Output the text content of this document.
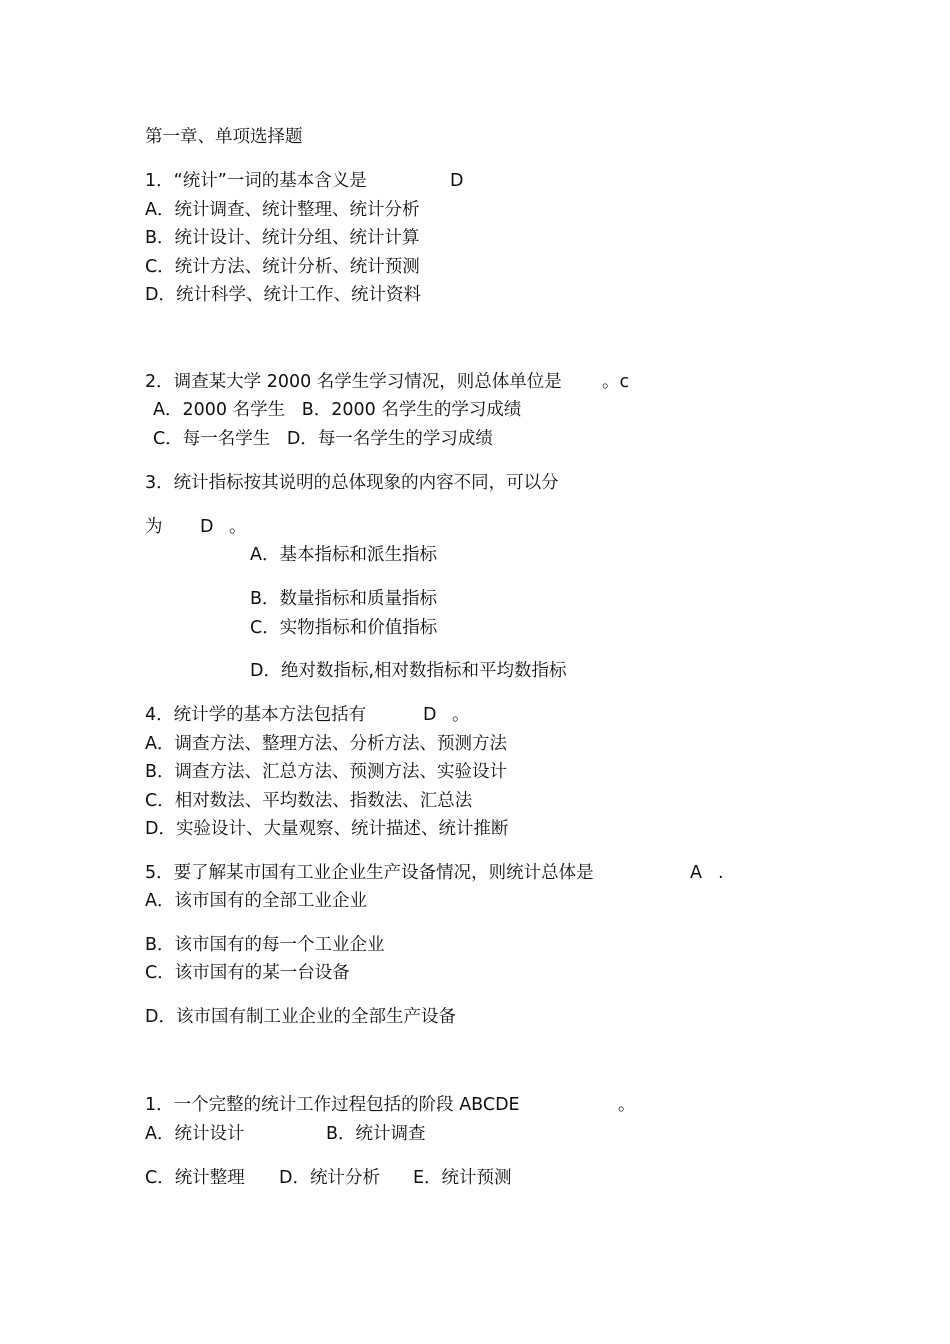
第一章、单项选择题
1．“统计”一词的基本含义是	D
A．统计调查、统计整理、统计分析
B．统计设计、统计分组、统计计算
C．统计方法、统计分析、统计预测
D．统计科学、统计工作、统计资料
2．调查某大学 2000 名学生学习情况，则总体单位是 。c
A．2000 名学生   B．2000 名学生的学习成绩
C．每一名学生   D．每一名学生的学习成绩
3．统计指标按其说明的总体现象的内容不同，可以分
为 D 。
A．基本指标和派生指标
B．数量指标和质量指标
C．实物指标和价值指标
D．绝对数指标,相对数指标和平均数指标
4．统计学的基本方法包括有	D 。
A．调查方法、整理方法、分析方法、预测方法
B．调查方法、汇总方法、预测方法、实验设计
C．相对数法、平均数法、指数法、汇总法
D．实验设计、大量观察、统计描述、统计推断
5．要了解某市国有工业企业生产设备情况，则统计总体是	A .
A．该市国有的全部工业企业
B．该市国有的每一个工业企业
C．该市国有的某一台设备
D．该市国有制工业企业的全部生产设备
1．一个完整的统计工作过程包括的阶段 ABCDE	。
A．统计设计	B．统计调查
C．统计整理 D．统计分析 E．统计预测
